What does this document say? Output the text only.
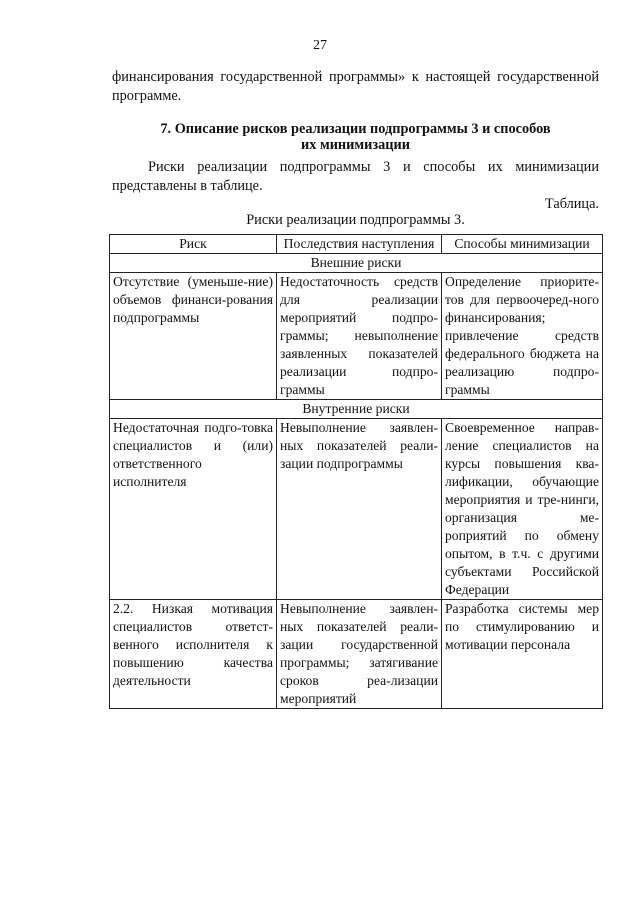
27
финансирования государственной программы» к настоящей государственной программе.
7. Описание рисков реализации подпрограммы 3 и способов
их минимизации
Риски реализации подпрограммы 3 и способы их минимизации представлены в таблице.
Таблица.
Риски реализации подпрограммы 3.
Риск	Последствия наступления	Способы минимизации
Внешние риски		
Отсутствие (уменьше-ние) объемов финанси-рования подпрограммы	Недостаточность средств для реализации мероприятий подпро-граммы; невыполнение заявленных показателей реализации подпро-граммы	Определение приорите-тов для первоочеред-ного финансирования; привлечение средств федерального бюджета на реализацию подпро-граммы
Внутренние риски		
Недостаточная подго-товка специалистов и (или) ответственного исполнителя	Невыполнение заявлен-ных показателей реали-зации подпрограммы	Своевременное направ-ление специалистов на курсы повышения ква-лификации, обучающие мероприятия и тре-нинги, организация ме-роприятий по обмену опытом, в т.ч. с другими субъектами Российской Федерации
2.2. Низкая мотивация специалистов ответст-венного исполнителя к повышению качества деятельности	Невыполнение заявлен-ных показателей реали-зации государственной программы; затягивание сроков реа-лизации мероприятий	Разработка системы мер по стимулированию и мотивации персонала
